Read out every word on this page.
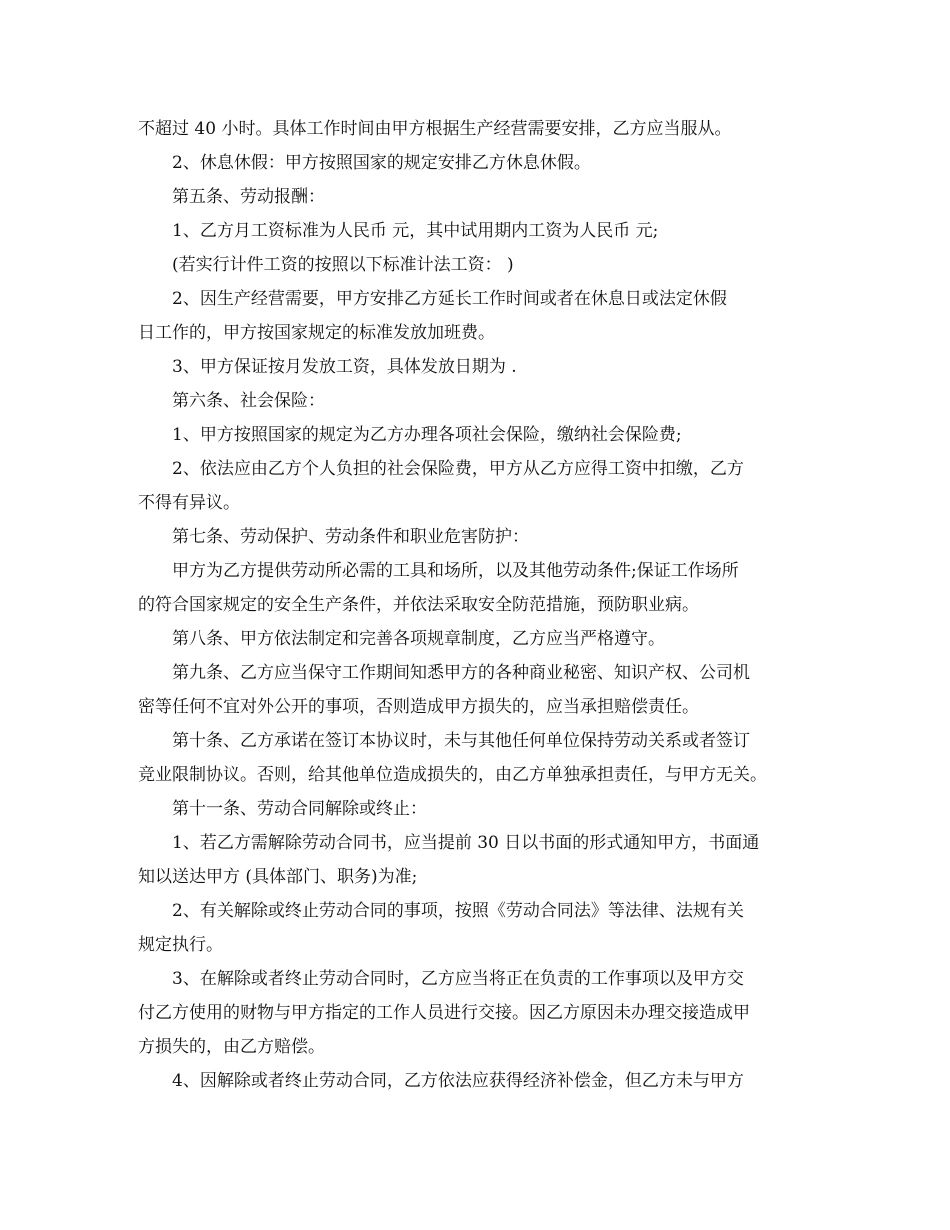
不超过 40 小时。具体工作时间由甲方根据生产经营需要安排，乙方应当服从。
2、休息休假：甲方按照国家的规定安排乙方休息休假。
第五条、劳动报酬：
1、乙方月工资标准为人民币 元，其中试用期内工资为人民币 元;
(若实行计件工资的按照以下标准计法工资： )
2、因生产经营需要，甲方安排乙方延长工作时间或者在休息日或法定休假
日工作的，甲方按国家规定的标准发放加班费。
3、甲方保证按月发放工资，具体发放日期为 .
第六条、社会保险：
1、甲方按照国家的规定为乙方办理各项社会保险，缴纳社会保险费;
2、依法应由乙方个人负担的社会保险费，甲方从乙方应得工资中扣缴，乙方
不得有异议。
第七条、劳动保护、劳动条件和职业危害防护：
甲方为乙方提供劳动所必需的工具和场所，以及其他劳动条件;保证工作场所
的符合国家规定的安全生产条件，并依法采取安全防范措施，预防职业病。
第八条、甲方依法制定和完善各项规章制度，乙方应当严格遵守。
第九条、乙方应当保守工作期间知悉甲方的各种商业秘密、知识产权、公司机
密等任何不宜对外公开的事项，否则造成甲方损失的，应当承担赔偿责任。
第十条、乙方承诺在签订本协议时，未与其他任何单位保持劳动关系或者签订
竞业限制协议。否则，给其他单位造成损失的，由乙方单独承担责任，与甲方无关。
第十一条、劳动合同解除或终止：
1、若乙方需解除劳动合同书，应当提前 30 日以书面的形式通知甲方，书面通
知以送达甲方 (具体部门、职务)为准;
2、有关解除或终止劳动合同的事项，按照《劳动合同法》等法律、法规有关
规定执行。
3、在解除或者终止劳动合同时，乙方应当将正在负责的工作事项以及甲方交
付乙方使用的财物与甲方指定的工作人员进行交接。因乙方原因未办理交接造成甲
方损失的，由乙方赔偿。
4、因解除或者终止劳动合同，乙方依法应获得经济补偿金，但乙方未与甲方
